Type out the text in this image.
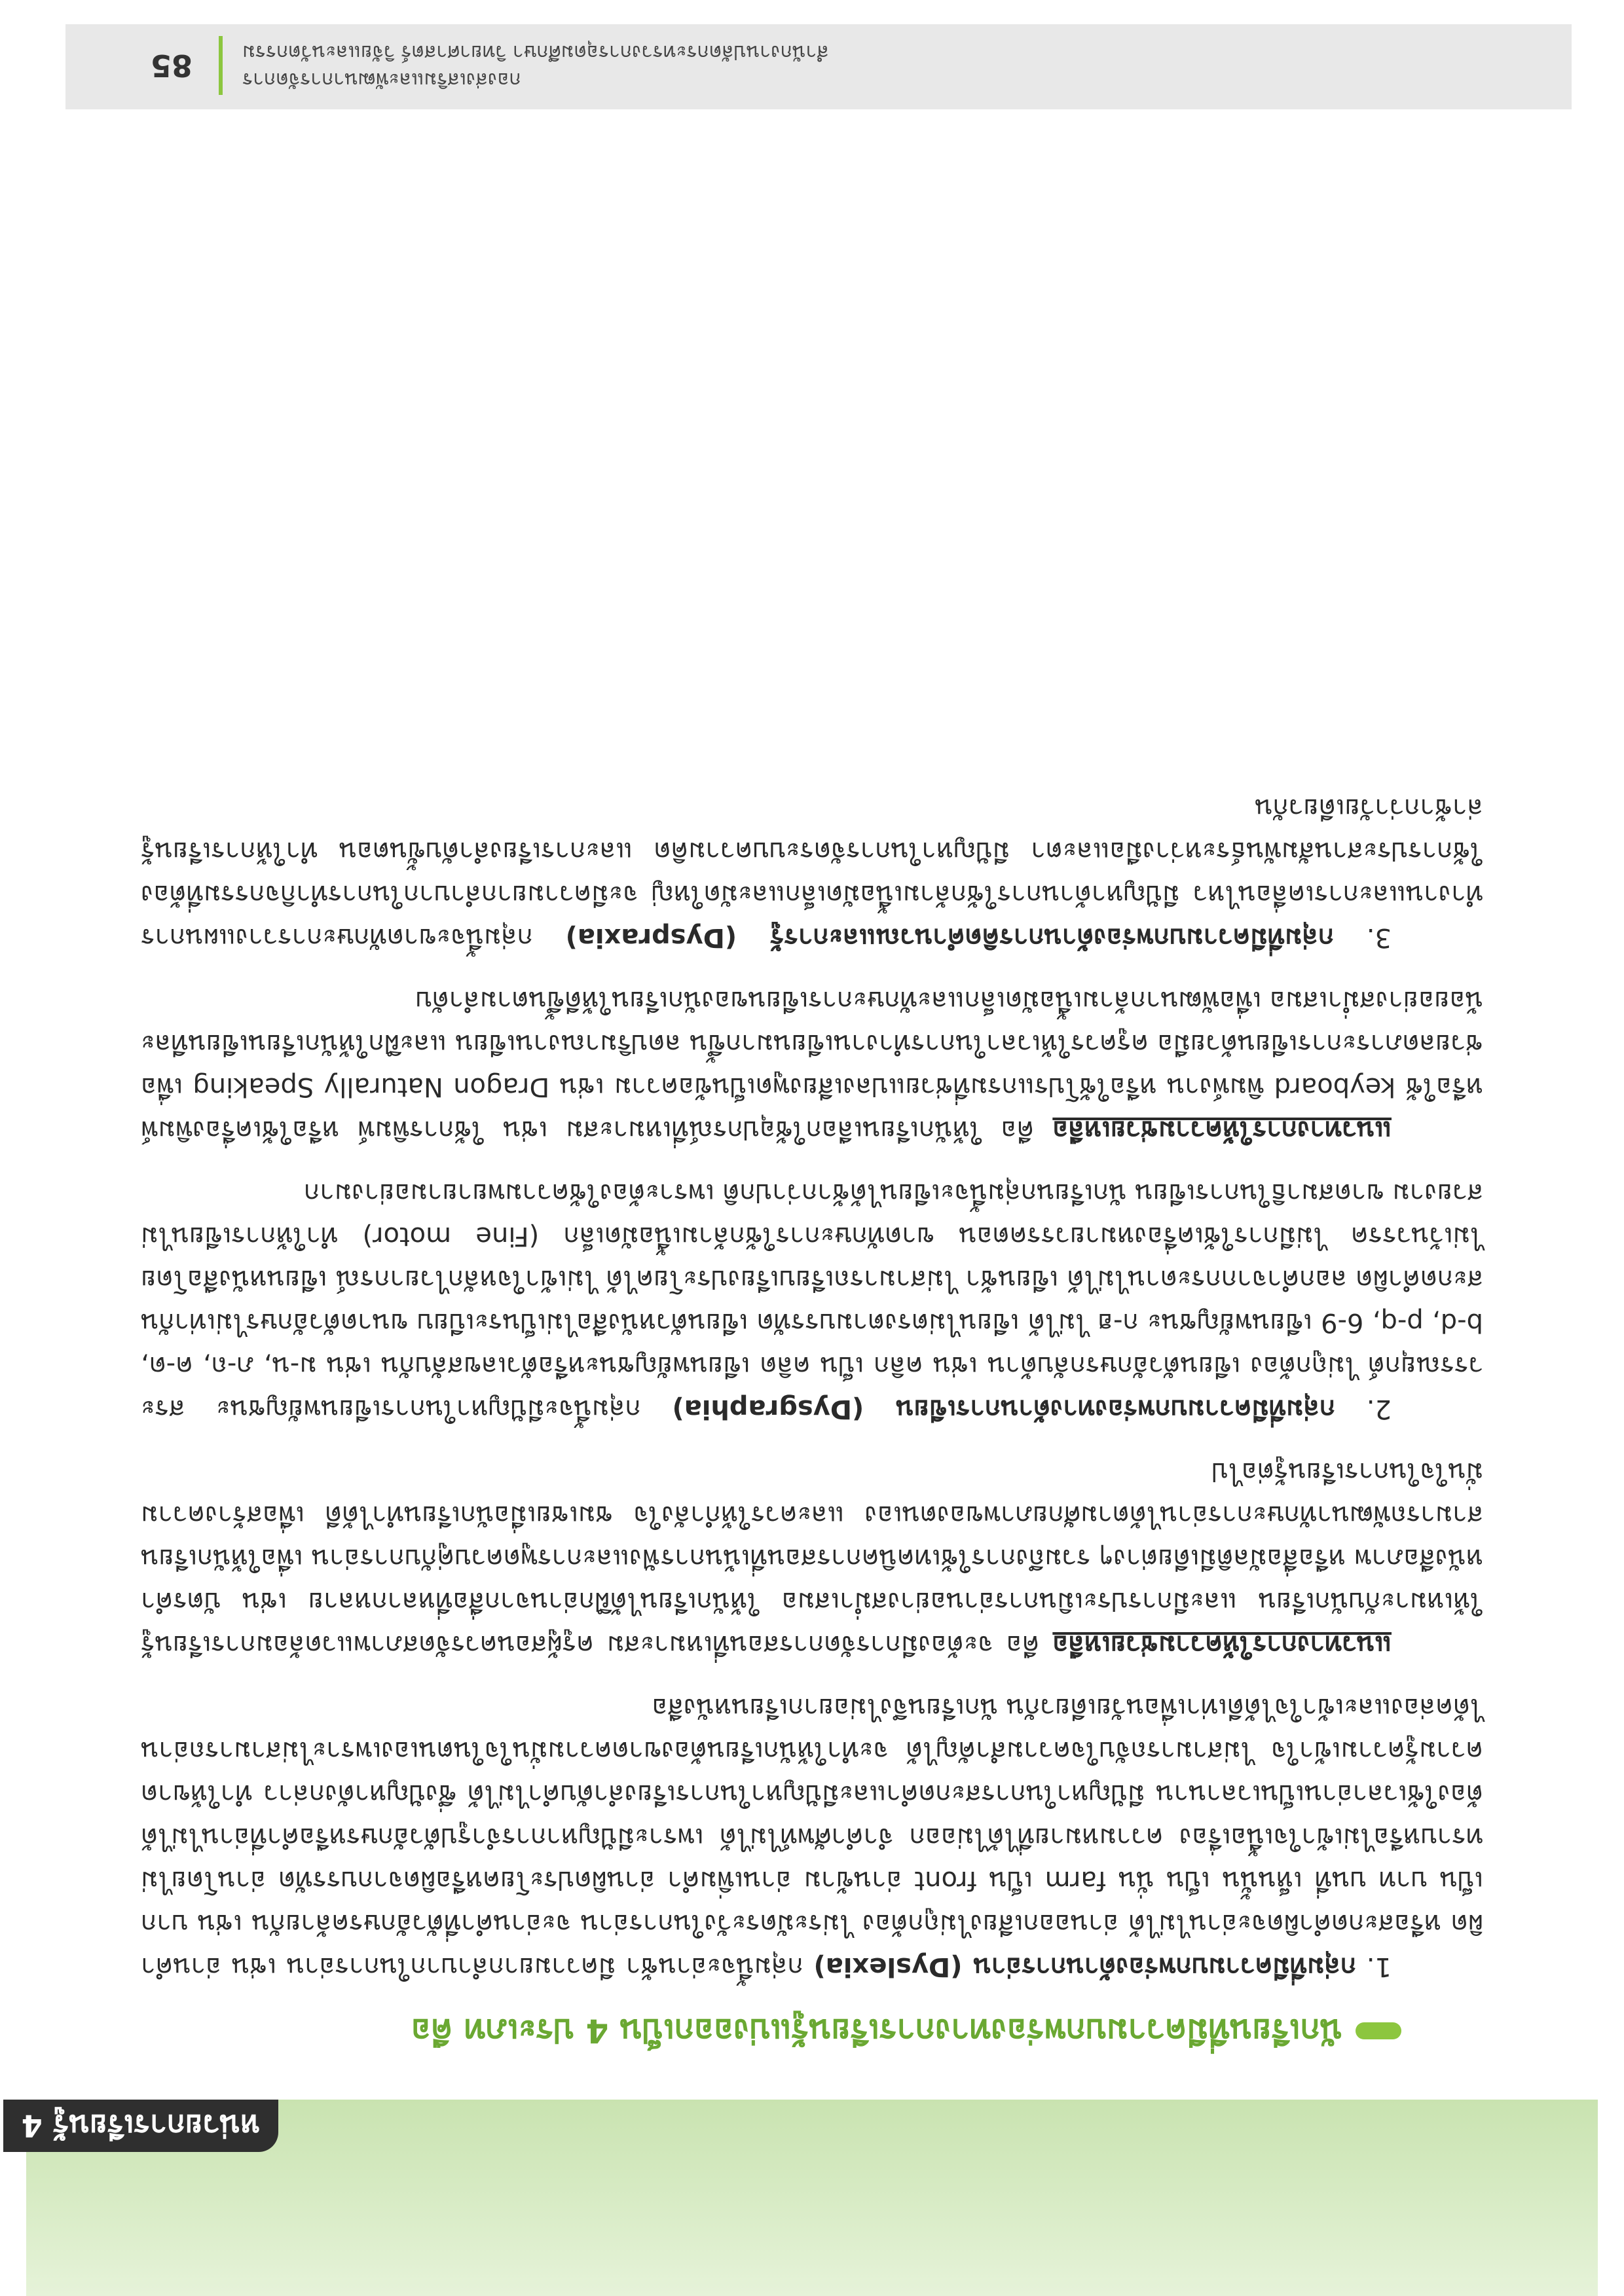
หน่วยการเรียนรู้ 4
นักเรียนที่มีความบกพร่องทางการเรียนรู้แบ่งออกเป็น 4 ประเภท คือ

1. กลุ่มที่มีความบกพร่องด้านการอ่าน (Dyslexia) กลุ่มนี้จะอ่านช้า มีความยากลำบากในการอ่าน เช่น อ่านคำผิด หรือสะกดคำผิดจะอ่านไม่ได้ อ่านออกเสียงไม่ถูกต้อง ไม่ระมัดระวังในการอ่าน จะอ่านคำที่ตัวอักษรคล้ายกัน เช่น บาก เป็น บาท บนที่ เห็นนั้น เป็น นั่น farm เป็น front อ่านข้าม อ่านเพิ่มคำ อ่านผิดประโยคหรือผิดจากบรรทัด อ่านโดยไม่ทราบหรือไม่เข้าใจเนื้อเรื่อง ความหมายที่ได้ไม่ออก จำคำศัพท์ไม่ได้ เพราะมีปัญหาการจำรูปตัวอักษรหรือคำที่อ่านไม่ได้ ต้องใช้เวลาอ่านเป็นเวลานาน มีปัญหาในการสะกดคำและมีปัญหาในการเรียงลำดับคำไม่ได้ ซึ่งปัญหาดังกล่าว ทำให้ขาดความรู้ความเข้าใจ ไม่สามารถจับใจความสำคัญได้ จะทำให้นักเรียนต้องขาดความมั่นใจในตนเองเพราะไม่สามารถอ่านได้คล่องและเข้าใจได้ดีเท่าเพื่อนวัยเดียวกัน นักเรียนจึงไม่อยากเรียนหนังสือ

แนวทางการให้ความช่วยเหลือ คือ จะต้องมีการจัดการสอนที่เหมาะสม ครูผู้สอนควรจัดสภาพแวดล้อมการเรียนรู้ให้เหมาะกับนักเรียน และมีการประเมินการอ่านอย่างสม่ำเสมอ ให้นักเรียนได้ฝึกอ่านจากสื่อที่หลากหลาย เช่น บัตรคำ หนังสือภาพ หรือสื่อมัลติมีเดียต่างๆ รวมถึงการใช้เทคนิคการสอนที่เน้นการฟังและการพูดควบคู่กับการอ่าน เพื่อให้นักเรียนสามารถพัฒนาทักษะการอ่านได้ตามศักยภาพของตนเอง และควรให้กำลังใจ ชมเชยเมื่อนักเรียนทำได้ดี เพื่อสร้างความมั่นใจในการเรียนรู้ต่อไป

2. กลุ่มที่มีความบกพร่องทางด้านการเขียน (Dysgraphia) กลุ่มนี้จะมีปัญหาในการเขียนพยัญชนะ สระ วรรณยุกต์ ไม่ถูกต้อง เขียนตัวอักษรกลับด้าน เช่น คลิก เป็น คลิด เขียนพยัญชนะหรือตัวเลขสลับกัน เช่น ม-น, ภ-ถ, ค-ด, b-d, p-q, 6-9 เขียนพยัญชนะ ก-ฮ ไม่ได้ เขียนไม่ตรงตามบรรทัด เขียนตัวหนังสือไม่เป็นระเบียบ ขนาดตัวอักษรไม่เท่ากัน สะกดคำผิด ลอกคำจากกระดานไม่ได้ เขียนช้า ไม่สามารถเรียบเรียงประโยคได้ ไม่เข้าใจหลักไวยากรณ์ เขียนหนังสือโดยไม่เว้นวรรค ไม่มีการใช้เครื่องหมายวรรคตอน ขาดทักษะการใช้กล้ามเนื้อมัดเล็ก (Fine motor) ทำให้การเขียนไม่สวยงาม ขาดสมาธิในการเขียน นักเรียนกลุ่มนี้จะเขียนได้ช้ากว่าปกติ เพราะต้องใช้ความพยายามอย่างมาก

แนวทางการให้ความช่วยเหลือ คือ ให้นักเรียนเลือกใช้อุปกรณ์ที่เหมาะสม เช่น ใช้การพิมพ์ หรือใช้เครื่องพิมพ์ หรือใช้ keyboard พิมพ์งาน หรือใช้โปรแกรมที่ช่วยแปลงเสียงพูดเป็นข้อความ เช่น Dragon Naturally Speaking เพื่อช่วยลดภาระการเขียนด้วยมือ ครูควรให้เวลาในการทำงานเขียนมากขึ้น ลดปริมาณงานเขียน และฝึกให้นักเรียนเขียนทีละน้อยอย่างสม่ำเสมอ เพื่อพัฒนากล้ามเนื้อมัดเล็กและทักษะการเขียนของนักเรียนให้ดีขึ้นตามลำดับ

3. กลุ่มที่มีความบกพร่องด้านการคิดคำนวณและการรู้ (Dyspraxia) กลุ่มนี้จะขาดทักษะการวางแผนการทำงานและการเคลื่อนไหว มีปัญหาด้านการใช้กล้ามเนื้อมัดเล็กและมัดใหญ่ จะมีความยากลำบากในการทำกิจกรรมที่ต้องใช้การประสานสัมพันธ์ระหว่างมือและตา มีปัญหาในการจัดระบบความคิด และการเรียงลำดับขั้นตอน ทำให้การเรียนรู้ล่าช้ากว่าวัยเดียวกัน

กองส่งเสริมและพัฒนาการจัดการ
สำนักงานปลัดกระทรวงการอุดมศึกษา วิทยาศาสตร์ วิจัยและนวัตกรรม
85
